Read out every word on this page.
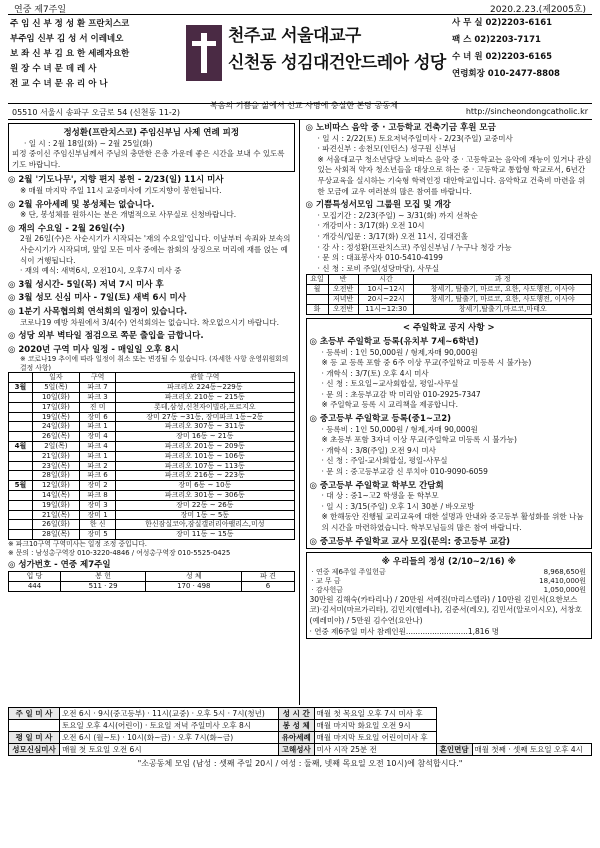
연중 제7주일	2020.2.23.(제2005호)
주 임 신 부 정 성 환 프란치스코
부주임 신부 김 성 서 이레네오
보 좌 신 부 김 요 한 세례자요한
원 장 수 녀 문 데 레 사
전 교 수 녀 문 유 리 아 나
천주교 서울대교구
신천동 성김대건안드레아 성당
사 무 실 02)2203-6161
팩 스 02)2203-7171
수 녀 원 02)2203-6165
연령회장 010-2477-8808
복음의 기쁨을 삶에서 선교 사명에 충실한 본당 공동체
05510 서울시 송파구 오금로 54 (신천동 11-2)	http://sincheondongcatholic.kr
정성환(프란치스코) 주임신부님 사제 연례 피정
· 일 시 : 2월 18일(화) ~ 2월 25일(화)
피정 중이신 주임신부님께서 주님의 충만한 은총 가운데 좋은 시간을 보내 수 있도록 기도 바랍니다.
◎ 2월 '기도나무', 지향 편지 봉헌 - 2/23(일) 11시 미사
※ 매월 마지막 주일 11시 교중미사에 기도지향이 봉헌됩니다.
◎ 2월 유아세례 및 봉성체는 없습니다.
※ 단, 봉성체를 원하시는 분은 개별적으로 사무실로 신청바랍니다.
◎ 재의 수요일 - 2월 26일(수)
2월 26일(수)은 사순시기가 시작되는 '재의 수요일'입니다. 이날부터 속죄와 보속의 사순시기가 시작되며, 앞일 모든 미사 중에는 참회의 상징으로 머리에 재를 얹는 예식이 거행됩니다.
· 재의 예식: 새벽6시, 오전10시, 오후7시 미사 중
◎ 3월 성시간- 5일(목) 저녁 7시 미사 후
◎ 3월 성모 신심 미사 - 7일(토) 새벽 6시 미사
◎ 1분기 사목협의회 연석회의 일정이 있습니다.
코로나19 예방 차원에서 3/4(수) 연석회의는 없습니다. 착오없으시기 바랍니다.
◎ 성당 외부 벽타일 점검으로 쪽문 출입을 금합니다.
◎ 2020년 구역 미사 일정 - 매일일 오후 8시
※ 코로나19 추이에 따라 일정이 취소 또는 변경될 수 있습니다. (자세한 사항 운영위원회의 결정 사항)
	일자	구역	관할 구역
3월	5일(목)	파크 7	파크리오 224동~229동
	10일(화)	파크 3	파크리오 210동 ~ 215동
	17일(화)	진 미	롯데,삼성,신천자이빌라,프르지오
	19일(목)	장미 6	장미 27동 ~31동, 장미파크 1동~2동
	24일(화)	파크 1	파크리오 307동 ~ 311동
	26일(목)	장미 4	장미 16동 ~ 21동
4월	2일(목)	파크 4	파크리오 201동 ~ 209동
	21일(화)	파크 1	파크리오 101동 ~ 106동
	23일(목)	파크 2	파크리오 107동 ~ 113동
	28일(화)	파크 6	파크리오 216동 ~ 223동
5월	12일(화)	장미 2	장미 6동 ~ 10동
	14일(목)	파크 8	파크리오 301동 ~ 306동
	19일(화)	장미 3	장미 22동 ~ 26동
	21일(목)	장미 1	장미 1동 ~ 5동
	26일(화)	한 신	한신잠실코아,잠실갤러리아팰리스,미성
	28일(목)	장미 5	장미 11동 ~ 15동
※ 파크10구역 구역미사는 일정 조정 중입니다.
※ 문의 : 남성총구역장 010-3220-4846 / 여성총구역장 010-5525-0425
◎ 성가번호 - 연중 제7주일
입 당	봉 헌	성 체	파 견
444	511 · 29	170 · 498	6
◎ 노비따스 음악 중 · 고등학교 건축기금 후원 모금
· 일 시 : 2/22(토) 토요저녁주일미사 - 2/23(주일) 교중미사
· 파견신부 : 송천모(인턴스) 성구원 신부님
※ 서울대교구 청소년담당 노비따스 음악 중 · 고등학교는 음악에 재능이 있거나 관심 있는 사회적 약자 청소년들을 대상으로 하는 중 · 고등학교 통합형 학교로서, 6년간 무상교육을 실시하는 기숙형 학력인정 대안학교입니다. 음악학교 건축비 마련을 위한 모금에 교우 여러분의 많은 참여를 바랍니다.
◎ 기쁨특성서모임 그룹원 모집 및 개강
· 모집기간 : 2/23(주일) ~ 3/31(화) 까지 선착순
· 개강미사 : 3/17(화) 오전 10시
· 개강식/입문 : 3/17(화) 오전 11시, 김대건홀
· 강 사 : 정성환(프란치스코) 주임신부님 / 누구나 청강 가능
· 문 의 : 대표봉사자 010-5410-4199
· 신 청 : 로비 주일(성당마당), 사무실
요일	반	시간	과 정
월	오전반	10시~12시	창세기, 탈출기, 마르코, 요한, 사도행전, 이사야
	저녁반	20시~22시	창세기, 탈출기, 마르코, 요한, 사도행전, 이사야
화	오전반	11시~12:30	창세기,탈출기,마르코,마태오
< 주일학교 공지 사항 >
◎ 초등부 주일학교 등록(유치부 7세~6학년)
· 등록비 : 1인 50,000원 / 형제,자매 90,000원
※ 등 교 등록 포함 중 6주 이상 무교(주일학교 미등록 시 불가능)
· 개학식 : 3/7(토) 오후 4시 미사
· 신 청 : 토요일~교사회합실, 평일-사무실
· 문 의 : 초등부교감 박 미리암 010-2925-7347
※ 주일학교 등록 시 교리책을 제공합니다.
◎ 중고등부 주일학교 등록(중1~고2)
· 등록비 : 1인 50,000원 / 형제,자매 90,000원
※ 초등부 포함 3자녀 이상 무교(주일학교 미등록 시 불가능)
· 개학식 : 3/8(주일) 오전 9시 미사
· 신 청 : 주일-교사회합실, 평일-사무실
· 문 의 : 중고등부교감 신 루치아 010-9090-6059
◎ 중고등부 주일학교 학부모 간담회
· 대 상 : 중1~고2 학생을 둔 학부모
· 일 시 : 3/15(주일) 오후 1시 30분 / 바오로방
※ 한해동안 진행될 교리교육에 대한 설명과 안내와 중고등부 활성화를 위한 나눔의 시간을 마련하였습니다. 학부모님들의 많은 참여 바랍니다.
◎ 중고등부 주일학교 교사 모집(문의: 중고등부 교감)
※ 우리들의 정성 (2/10~2/16) ※
· 연중 제6주일 주일헌금	8,968,650원
· 교 무 금	18,410,000원
· 감사헌금	1,050,000원
30만원 김해숙(카타리나) / 20만원 서예진(마리스텔라) / 10만원 김민서(요한보스코)·김서미(마르가리타), 김민지(헬레나), 김준서(레오), 김민서(알로이시오), 서창호(예레미야) / 5만원 김수연(요안나)
· 연중 제6주일 미사 참례인원..........................1,816 명
주 일 미 사	오전 6시 · 9시(중고등부) · 11시(교중) · 오후 5시 · 7시(청년)	성 시 간	매월 첫 목요일 오후 7시 미사 후		
	토요일 오후 4시(어린이) · 토요일 저녁 주일미사 오후 8시	봉 성 체	매월 마지막 화요일 오전 9시		
평 일 미 사	오전 6시 (월~토) · 10시(화~금) · 오후 7시(화~금)	유아세례	매월 마지막 토요일 어린이미사 후		
성모신심미사	매월 첫 토요일 오전 6시	고해성사	미사 시작 25분 전	혼인면담	매월 첫째 · 셋째 토요일 오후 4시
"소공동체 모임 (남성 : 셋째 주일 20시 / 여성 : 둘째, 넷째 목요일 오전 10시)에 참석합시다."
